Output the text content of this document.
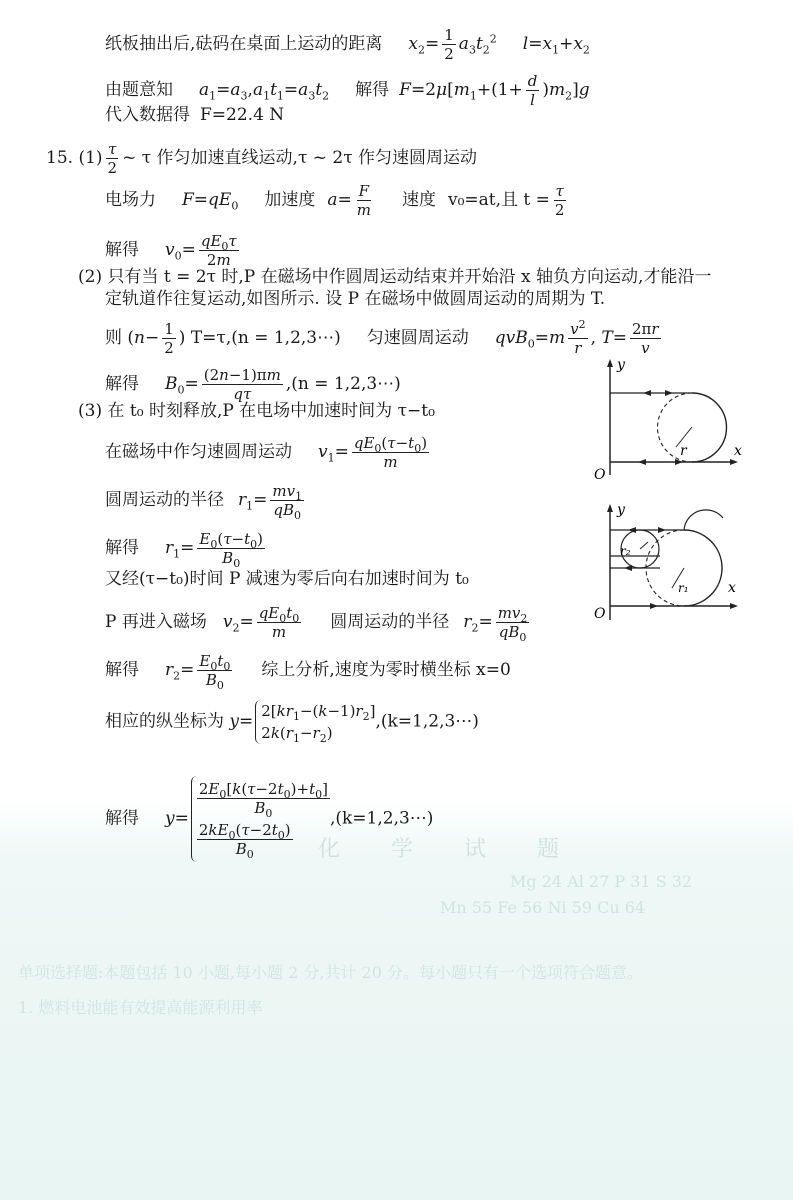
纸板抽出后,砝码在桌面上运动的距离 $x_2= \frac{1}{2} a_3t_2^2$ $l=x_1+x_2$
由题意知 $a_1=a_3,a_1t_1=a_3t_2$ 解得 $F=2\mu[m_1+(1+ \frac{d}{l} )m_2]g$
代入数据得 F=22.4 N
15. $(1) \frac{\tau}{2}$ ~ τ 作匀加速直线运动,τ ~ 2τ 作匀速圆周运动
电场力 $F=qE_0$ 加速度 $a= \frac{F}{m}$ 速度 v₀=at,且 $t = \frac{\tau}{2}$
解得 $v_0= \frac{qE_0\tau}{2m}$
(2) 只有当 t = 2τ 时,P 在磁场中作圆周运动结束并开始沿 x 轴负方向运动,才能沿一
定轨道作往复运动,如图所示. 设 P 在磁场中做圆周运动的周期为 T.
则 ($n- \frac{1}{2}$ ) T=τ,(n = 1,2,3⋯) 匀速圆周运动 $qvB_0=m \frac{v^2}{r}$ , $T= \frac{2\pi r}{v}$
解得 $B_0= \frac{(2n-1)\pi m}{q\tau} ,(n$ = 1,2,3⋯)
(3) 在 t₀ 时刻释放,P 在电场中加速时间为 τ−t₀
在磁场中作匀速圆周运动 $v_1= \frac{qE_0(\tau-t_0)}{m}$
圆周运动的半径 $r_1= \frac{mv_1}{qB_0}$
解得 $r_1= \frac{E_0(\tau-t_0)}{B_0}$
又经(τ−t₀)时间 P 减速为零后向右加速时间为 t₀
P 再进入磁场 $v_2= \frac{qE_0t_0}{m}$ 圆周运动的半径 $r_2= \frac{mv_2}{qB_0}$
解得 $r_2= \frac{E_0t_0}{B_0}$ 综上分析,速度为零时横坐标 x=0
相应的纵坐标为 $y=2[kr_1-(k-1)r_2]$
$2k(r_1-r_2),(k=1,2,3\cdots)$
解得 y=
$\frac{2E_0[k(\tau-2t_0)+t_0]}{B_0}$

$\frac{2kE_0(\tau-2t_0)}{B_0}$
,(k=1,2,3⋯)
y
x
O
r
y
x
O
r₂
r₁
化 学 试 题
Mg 24 Al 27 P 31 S 32
Mn 55 Fe 56 Ni 59 Cu 64
单项选择题:本题包括 10 小题,每小题 2 分,共计 20 分。每小题只有一个选项符合题意。
1. 燃料电池能有效提高能源利用率
